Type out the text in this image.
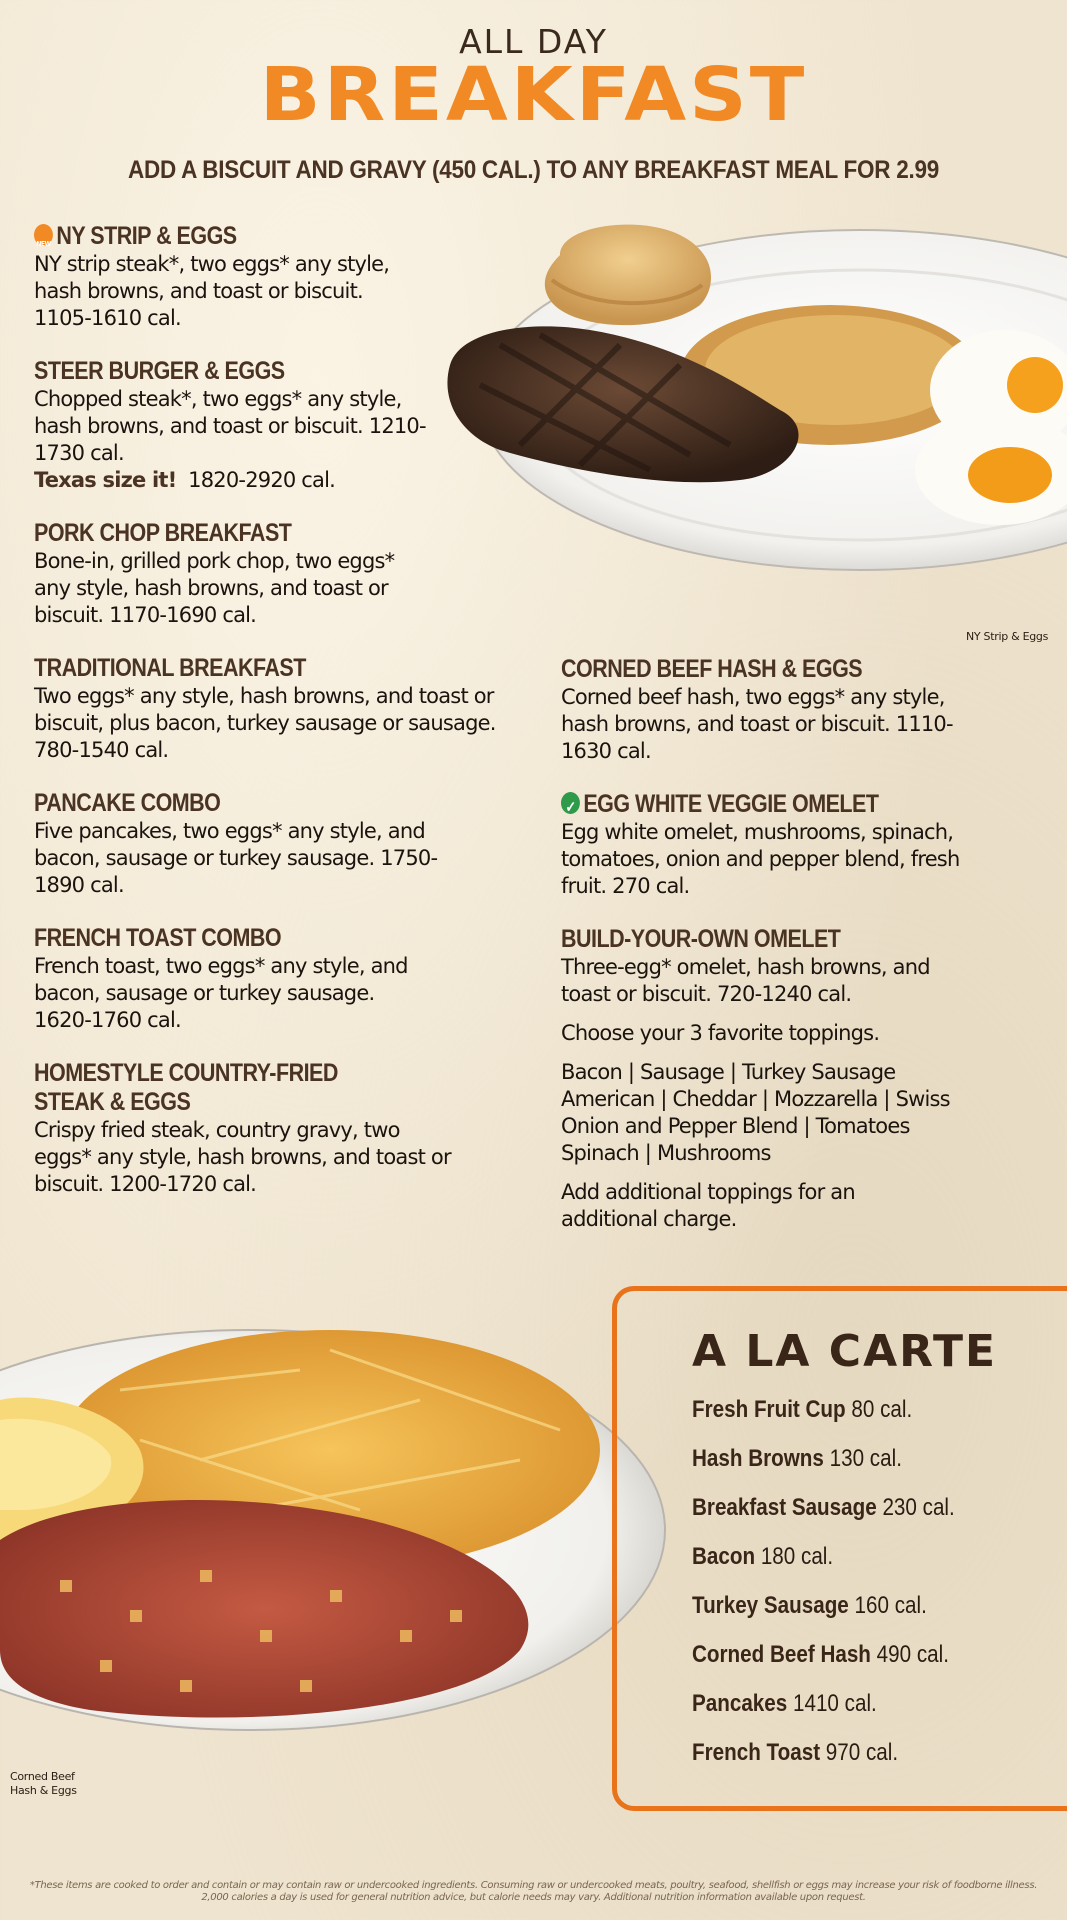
ALL DAY
BREAKFAST
ADD A BISCUIT AND GRAVY (450 CAL.) TO ANY BREAKFAST MEAL FOR 2.99
NY Strip & Eggs
NEWNY STRIP & EGGS
NY strip steak*, two eggs* any style, hash browns, and toast or biscuit. 1105-1610 cal.
STEER BURGER & EGGS
Chopped steak*, two eggs* any style, hash browns, and toast or biscuit. 1210-1730 cal.
Texas size it! 1820-2920 cal.
PORK CHOP BREAKFAST
Bone-in, grilled pork chop, two eggs* any style, hash browns, and toast or biscuit. 1170-1690 cal.
TRADITIONAL BREAKFAST
Two eggs* any style, hash browns, and toast or biscuit, plus bacon, turkey sausage or sausage. 780-1540 cal.
PANCAKE COMBO
Five pancakes, two eggs* any style, and bacon, sausage or turkey sausage. 1750-1890 cal.
FRENCH TOAST COMBO
French toast, two eggs* any style, and bacon, sausage or turkey sausage. 1620-1760 cal.
HOMESTYLE COUNTRY-FRIED
STEAK & EGGS
Crispy fried steak, country gravy, two eggs* any style, hash browns, and toast or biscuit. 1200-1720 cal.
CORNED BEEF HASH & EGGS
Corned beef hash, two eggs* any style, hash browns, and toast or biscuit. 1110-1630 cal.
✓EGG WHITE VEGGIE OMELET
Egg white omelet, mushrooms, spinach, tomatoes, onion and pepper blend, fresh fruit. 270 cal.
BUILD-YOUR-OWN OMELET
Three-egg* omelet, hash browns, and toast or biscuit. 720-1240 cal.
Choose your 3 favorite toppings.
Bacon | Sausage | Turkey Sausage
American | Cheddar | Mozzarella | Swiss
Onion and Pepper Blend | Tomatoes
Spinach | Mushrooms
Add additional toppings for an additional charge.
Corned Beef
Hash & Eggs
A LA CARTE
Fresh Fruit Cup 80 cal.
Hash Browns 130 cal.
Breakfast Sausage 230 cal.
Bacon 180 cal.
Turkey Sausage 160 cal.
Corned Beef Hash 490 cal.
Pancakes 1410 cal.
French Toast 970 cal.
*These items are cooked to order and contain or may contain raw or undercooked ingredients. Consuming raw or undercooked meats, poultry, seafood, shellfish or eggs may increase your risk of foodborne illness.
2,000 calories a day is used for general nutrition advice, but calorie needs may vary. Additional nutrition information available upon request.
